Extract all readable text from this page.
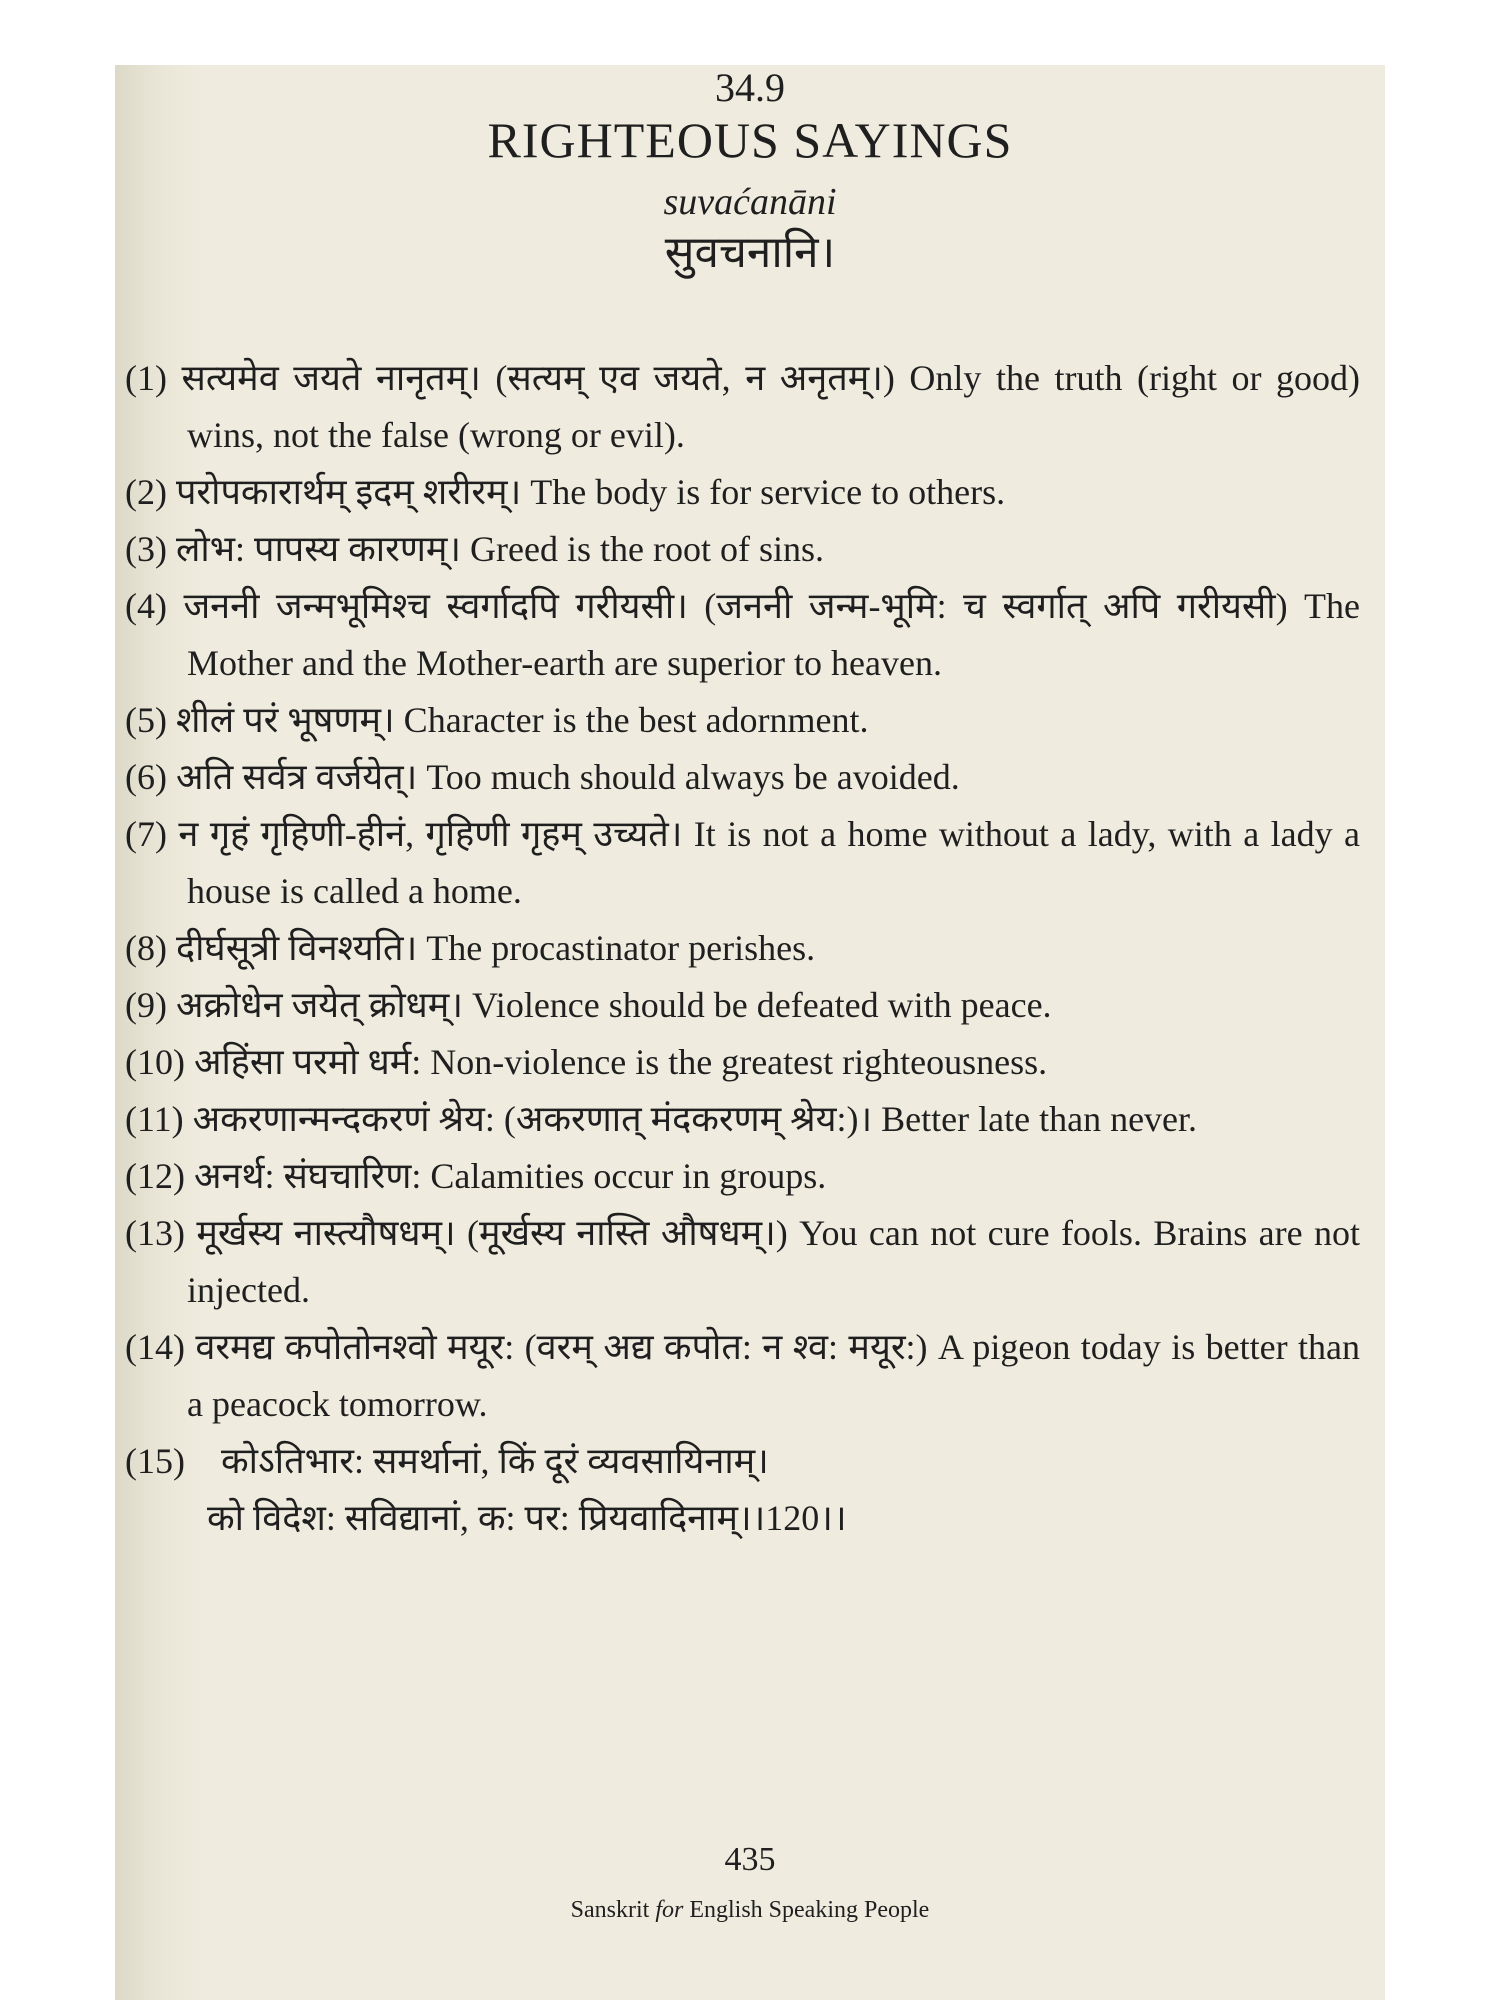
34.9
RIGHTEOUS SAYINGS
suvaćanāni
सुवचनानि।
(1) सत्यमेव जयते नानृतम्। (सत्यम् एव जयते, न अनृतम्।) Only the truth (right or good) wins, not the false (wrong or evil).
(2) परोपकारार्थम् इदम् शरीरम्। The body is for service to others.
(3) लोभ: पापस्य कारणम्। Greed is the root of sins.
(4) जननी जन्मभूमिश्च स्वर्गादपि गरीयसी। (जननी जन्म-भूमि: च स्वर्गात् अपि गरीयसी) The Mother and the Mother-earth are superior to heaven.
(5) शीलं परं भूषणम्। Character is the best adornment.
(6) अति सर्वत्र वर्जयेत्। Too much should always be avoided.
(7) न गृहं गृहिणी-हीनं, गृहिणी गृहम् उच्यते। It is not a home without a lady, with a lady a house is called a home.
(8) दीर्घसूत्री विनश्यति। The procastinator perishes.
(9) अक्रोधेन जयेत् क्रोधम्। Violence should be defeated with peace.
(10) अहिंसा परमो धर्म: Non-violence is the greatest righteousness.
(11) अकरणान्मन्दकरणं श्रेय: (अकरणात् मंदकरणम् श्रेय:)। Better late than never.
(12) अनर्थ: संघचारिण: Calamities occur in groups.
(13) मूर्खस्य नास्त्यौषधम्। (मूर्खस्य नास्ति औषधम्।) You can not cure fools. Brains are not injected.
(14) वरमद्य कपोतोनश्वो मयूर: (वरम् अद्य कपोत: न श्व: मयूर:) A pigeon today is better than a peacock tomorrow.
(15) कोऽतिभार: समर्थानां, किं दूरं व्यवसायिनाम्।
को विदेश: सविद्यानां, क: पर: प्रियवादिनाम्।।120।।
435
Sanskrit for English Speaking People
